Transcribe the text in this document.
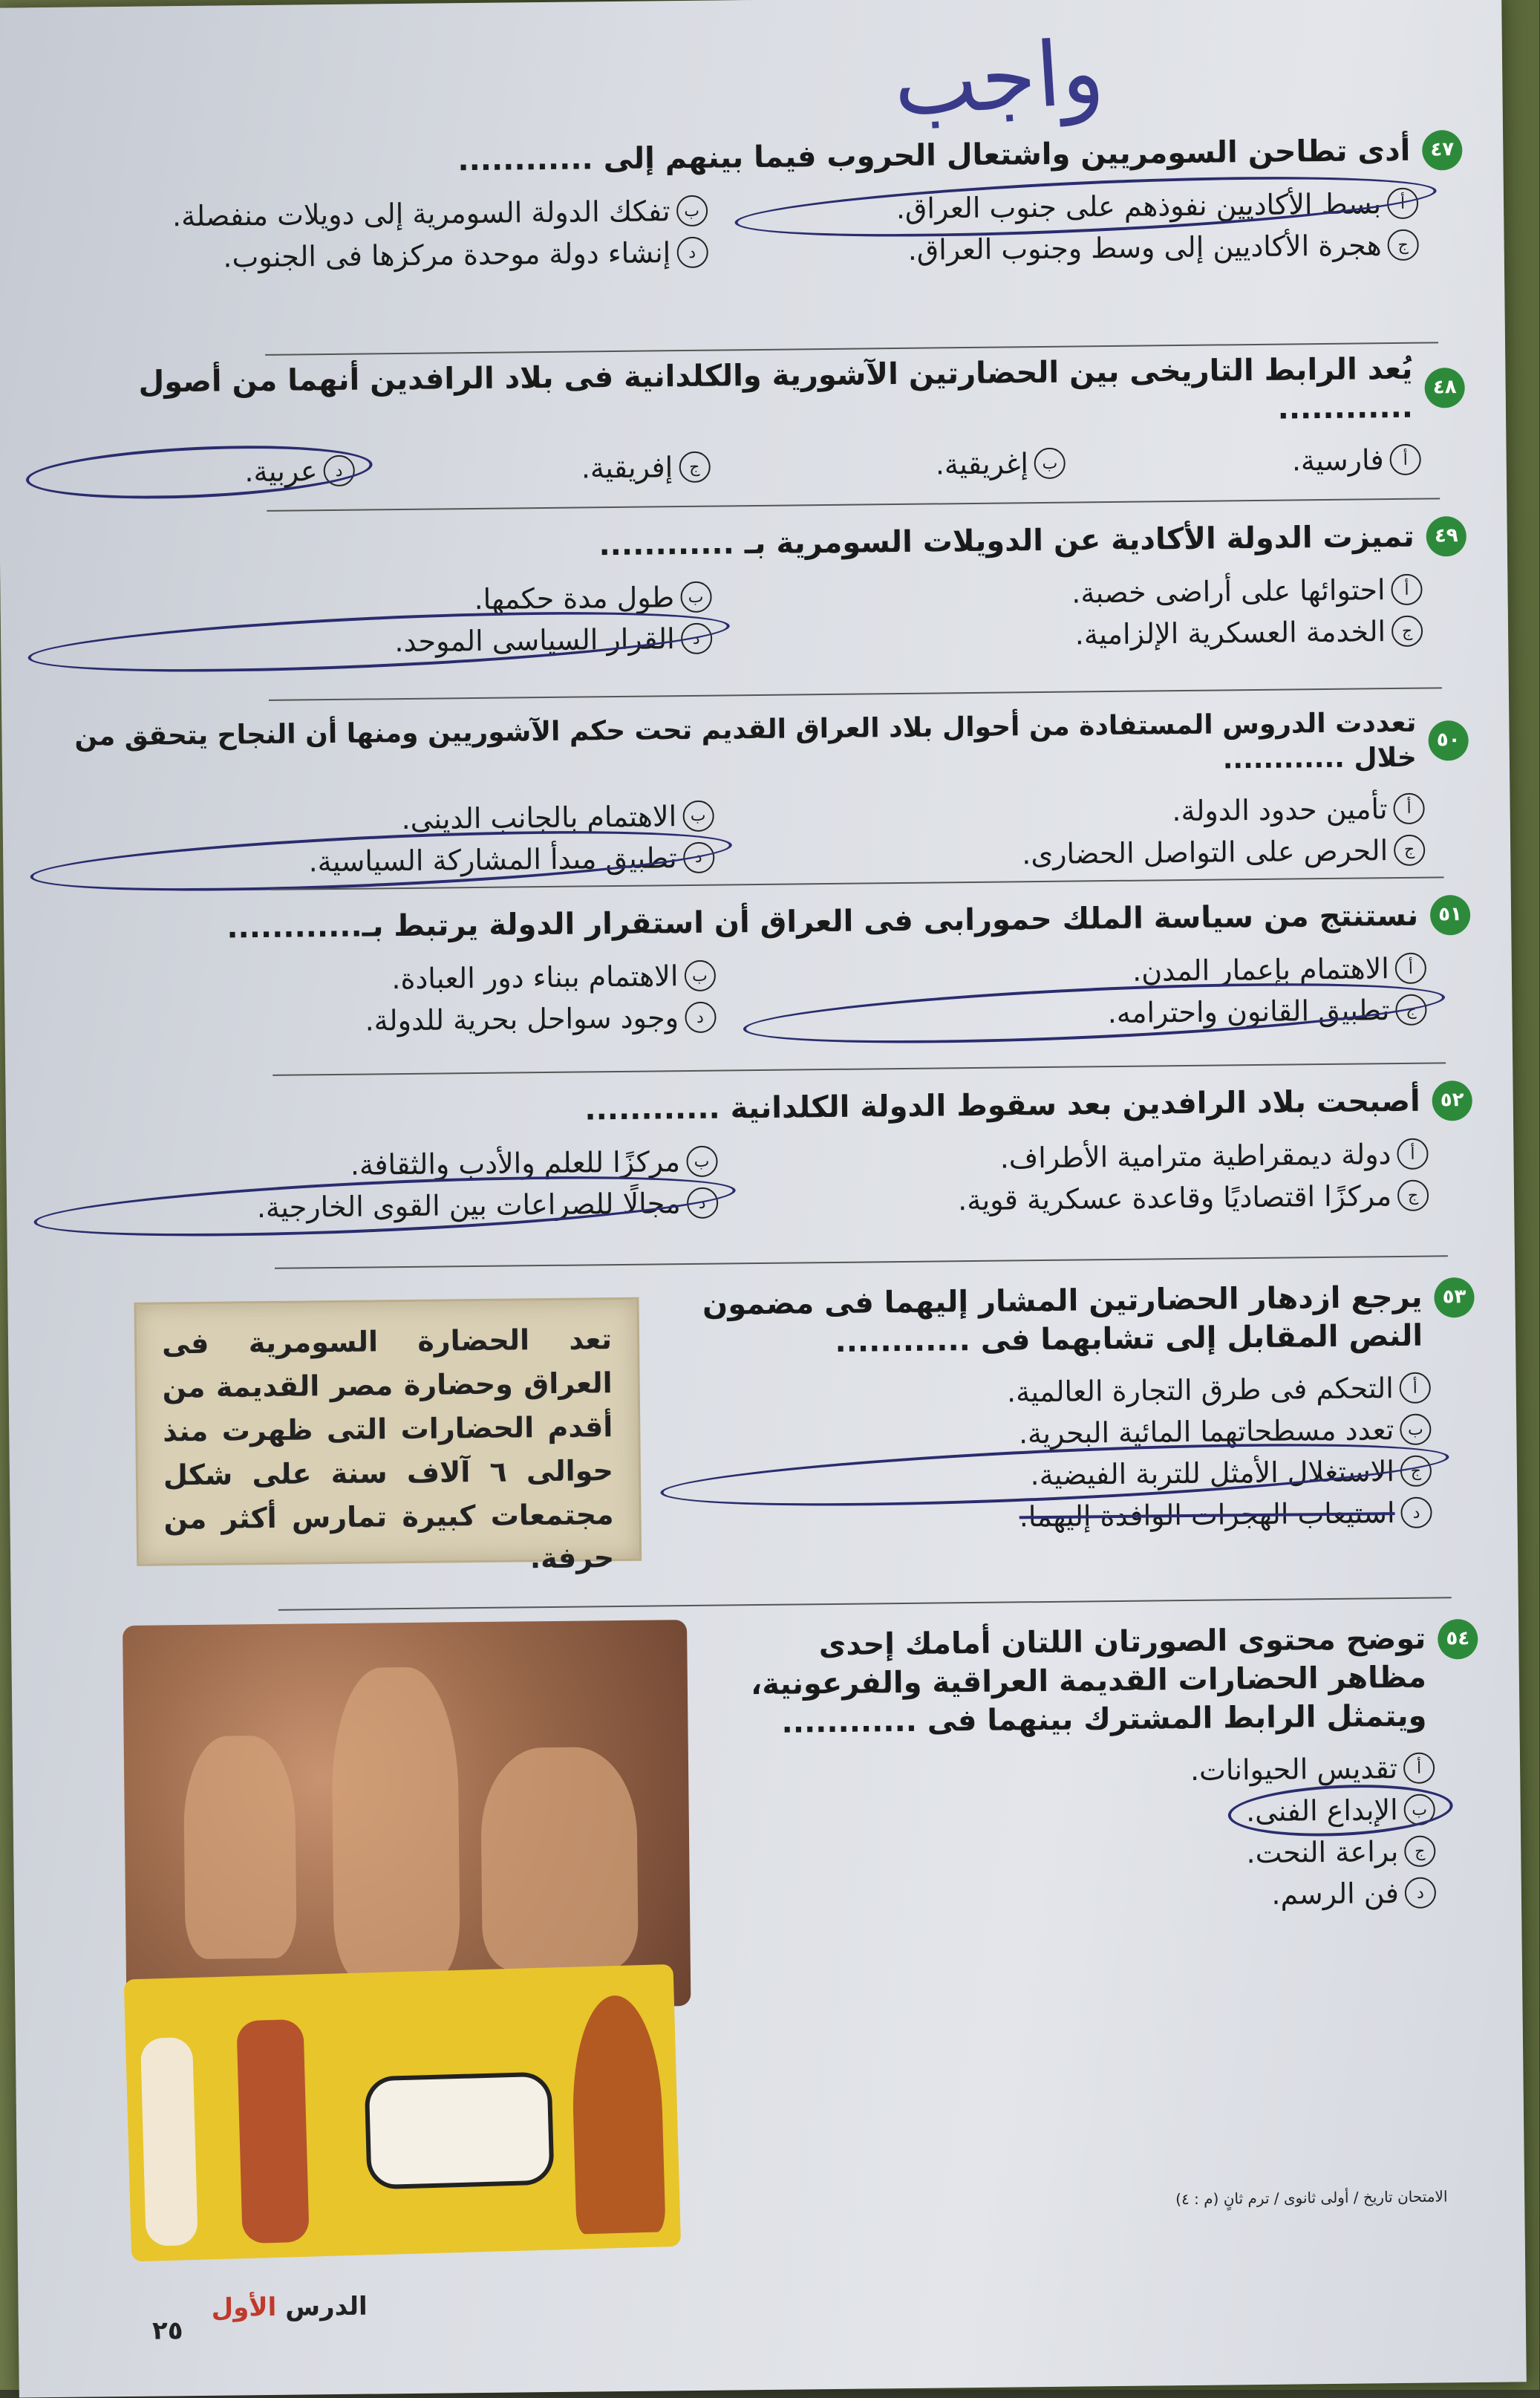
واجب
٤٧
أدى تطاحن السومريين واشتعال الحروب فيما بينهم إلى ............
أ
بسط الأكاديين نفوذهم على جنوب العراق.
ب
تفكك الدولة السومرية إلى دويلات منفصلة.
ج
هجرة الأكاديين إلى وسط وجنوب العراق.
د
إنشاء دولة موحدة مركزها فى الجنوب.
٤٨
يُعد الرابط التاريخى بين الحضارتين الآشورية والكلدانية فى بلاد الرافدين أنهما من أصول ............
أ
فارسية.
ب
إغريقية.
ج
إفريقية.
د
عربية.
٤٩
تميزت الدولة الأكادية عن الدويلات السومرية بـ ............
أ
احتوائها على أراضى خصبة.
ب
طول مدة حكمها.
ج
الخدمة العسكرية الإلزامية.
د
القرار السياسى الموحد.
٥٠
تعددت الدروس المستفادة من أحوال بلاد العراق القديم تحت حكم الآشوريين ومنها أن النجاح يتحقق من خلال ............
أ
تأمين حدود الدولة.
ب
الاهتمام بالجانب الدينى.
ج
الحرص على التواصل الحضارى.
د
تطبيق مبدأ المشاركة السياسية.
٥١
نستنتج من سياسة الملك حمورابى فى العراق أن استقرار الدولة يرتبط بـ............
أ
الاهتمام بإعمار المدن.
ب
الاهتمام ببناء دور العبادة.
ج
تطبيق القانون واحترامه.
د
وجود سواحل بحرية للدولة.
٥٢
أصبحت بلاد الرافدين بعد سقوط الدولة الكلدانية ............
أ
دولة ديمقراطية مترامية الأطراف.
ب
مركزًا للعلم والأدب والثقافة.
ج
مركزًا اقتصاديًا وقاعدة عسكرية قوية.
د
مجالًا للصراعات بين القوى الخارجية.
٥٣
يرجع ازدهار الحضارتين المشار إليهما فى مضمون النص المقابل إلى تشابهما فى ............
أ
التحكم فى طرق التجارة العالمية.
ب
تعدد مسطحاتهما المائية البحرية.
ج
الاستغلال الأمثل للتربة الفيضية.
د
استيعاب الهجرات الوافدة إليهما.
تعد الحضارة السومرية فى العراق وحضارة مصر القديمة من أقدم الحضارات التى ظهرت منذ حوالى ٦ آلاف سنة على شكل مجتمعات كبيرة تمارس أكثر من حرفة.
٥٤
توضح محتوى الصورتان اللتان أمامك إحدى مظاهر الحضارات القديمة العراقية والفرعونية، ويتمثل الرابط المشترك بينهما فى ............
أ
تقديس الحيوانات.
ب
الإبداع الفنى.
ج
براعة النحت.
د
فن الرسم.
الامتحان تاريخ / أولى ثانوى / ترم ثانٍ (م : ٤)
الدرس الأول
٢٥
